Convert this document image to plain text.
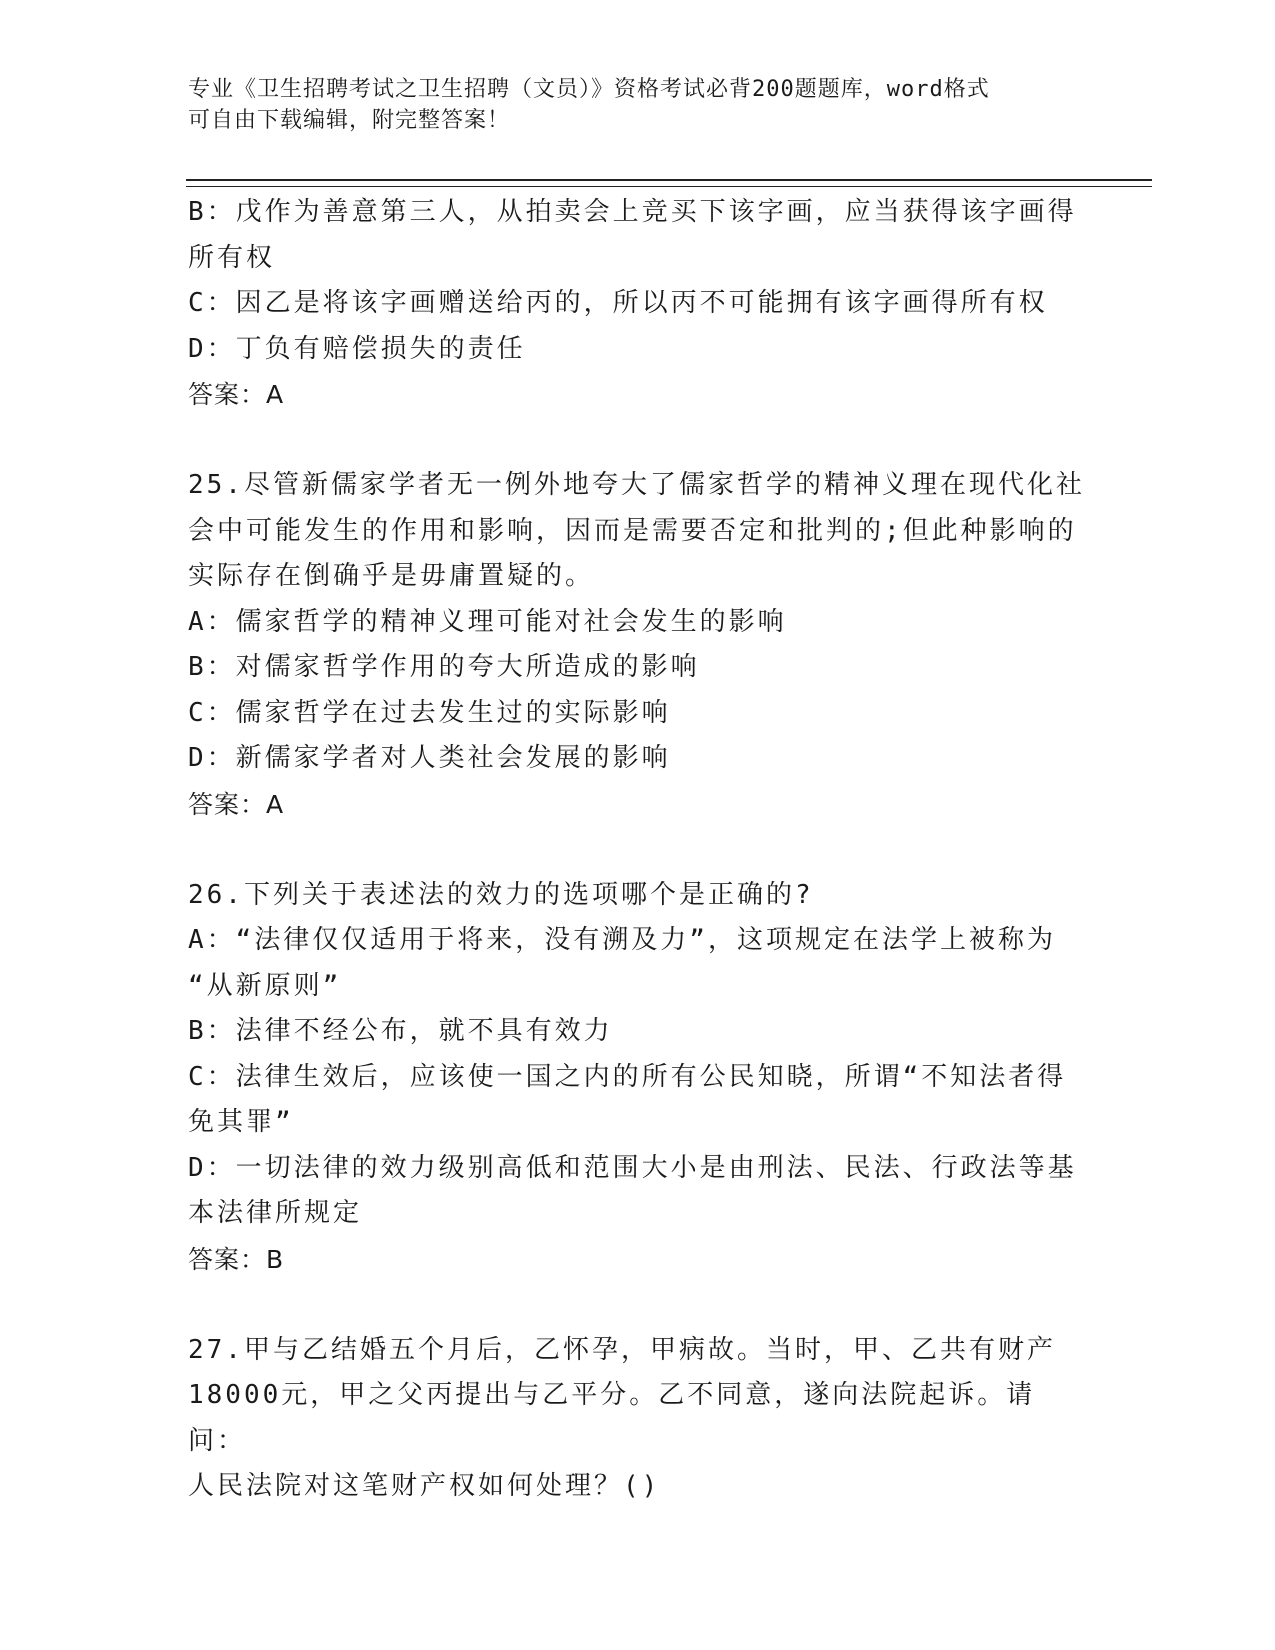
专业《卫生招聘考试之卫生招聘（文员）》资格考试必背200题题库，word格式
可自由下载编辑，附完整答案！
B：戊作为善意第三人，从拍卖会上竞买下该字画，应当获得该字画得
所有权
C：因乙是将该字画赠送给丙的，所以丙不可能拥有该字画得所有权
D：丁负有赔偿损失的责任
答案：A
25.尽管新儒家学者无一例外地夸大了儒家哲学的精神义理在现代化社
会中可能发生的作用和影响，因而是需要否定和批判的;但此种影响的
实际存在倒确乎是毋庸置疑的。
A：儒家哲学的精神义理可能对社会发生的影响
B：对儒家哲学作用的夸大所造成的影响
C：儒家哲学在过去发生过的实际影响
D：新儒家学者对人类社会发展的影响
答案：A
26.下列关于表述法的效力的选项哪个是正确的?
A：“法律仅仅适用于将来，没有溯及力”，这项规定在法学上被称为
“从新原则”
B：法律不经公布，就不具有效力
C：法律生效后，应该使一国之内的所有公民知晓，所谓“不知法者得
免其罪”
D：一切法律的效力级别高低和范围大小是由刑法、民法、行政法等基
本法律所规定
答案：B
27.甲与乙结婚五个月后，乙怀孕，甲病故。当时，甲、乙共有财产
18000元，甲之父丙提出与乙平分。乙不同意，遂向法院起诉。请问：
人民法院对这笔财产权如何处理？()
